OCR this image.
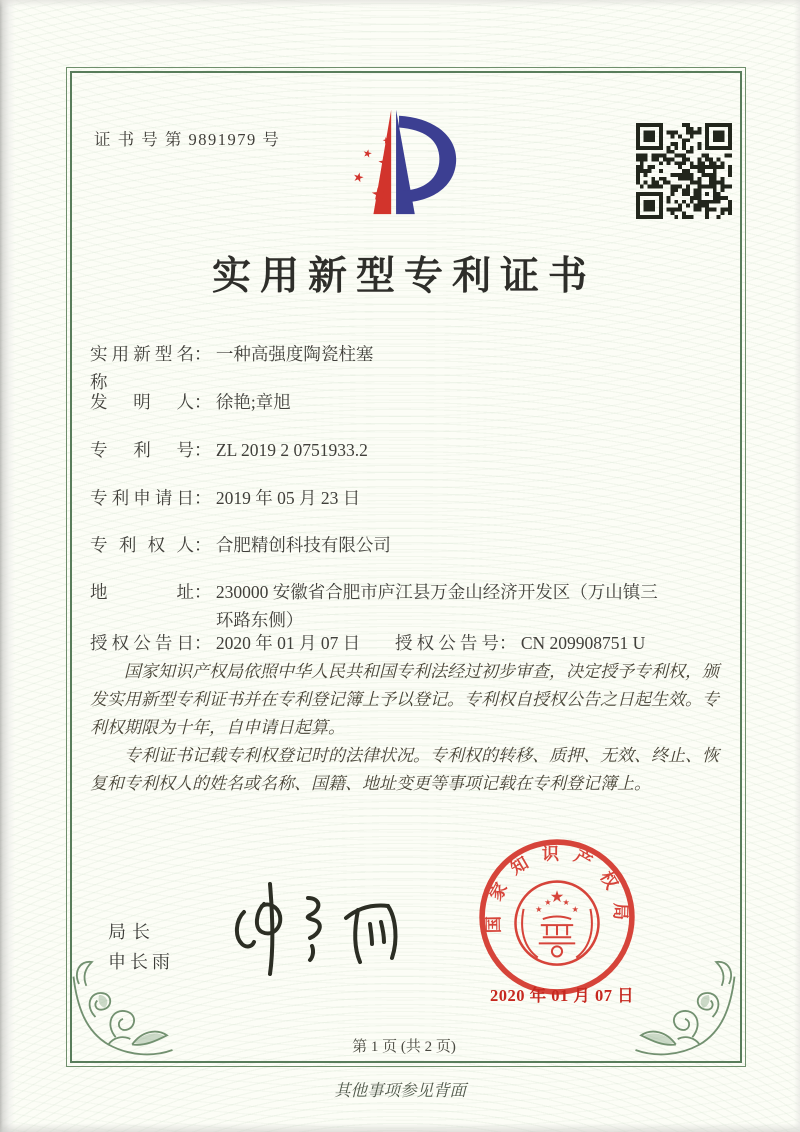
证 书 号 第 9891979 号	★
★ ★
★
★
实用新型专利证书
实用新型名称： 一种高强度陶瓷柱塞
发明人： 徐艳;章旭
专利号： ZL 2019 2 0751933.2
专利申请日： 2019 年 05 月 23 日
专利权人： 合肥精创科技有限公司
地址： 230000 安徽省合肥市庐江县万金山经济开发区（万山镇三环路东侧）
授权公告日： 2020 年 01 月 07 日 授权公告号： CN 209908751 U

国家知识产权局依照中华人民共和国专利法经过初步审查，决定授予专利权，颁发实用新型专利证书并在专利登记簿上予以登记。专利权自授权公告之日起生效。专利权期限为十年，自申请日起算。

专利证书记载专利权登记时的法律状况。专利权的转移、质押、无效、终止、恢复和专利权人的姓名或名称、国籍、地址变更等事项记载在专利登记簿上。

局长
申长雨
国家知识产权局
★
★
★ ★
★
2020 年 01 月 07 日
第 1 页 (共 2 页)
其他事项参见背面
